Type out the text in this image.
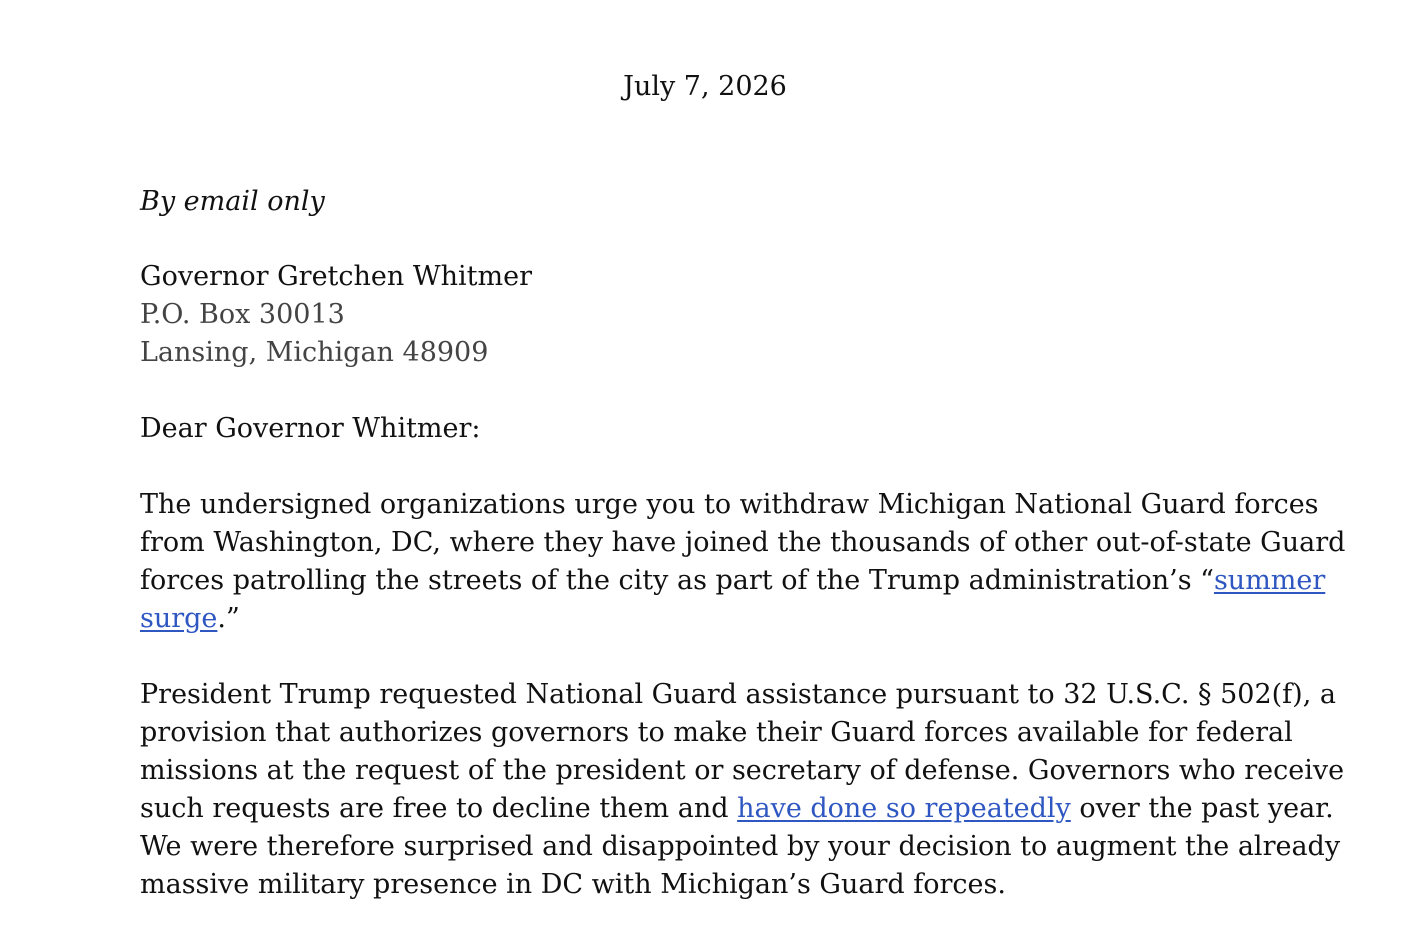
July 7, 2026
By email only
Governor Gretchen Whitmer
P.O. Box 30013
Lansing, Michigan 48909
Dear Governor Whitmer:
The undersigned organizations urge you to withdraw Michigan National Guard forces
from Washington, DC, where they have joined the thousands of other out-of-state Guard
forces patrolling the streets of the city as part of the Trump administration’s “summer
surge.”
President Trump requested National Guard assistance pursuant to 32 U.S.C. § 502(f), a
provision that authorizes governors to make their Guard forces available for federal
missions at the request of the president or secretary of defense. Governors who receive
such requests are free to decline them and have done so repeatedly over the past year.
We were therefore surprised and disappointed by your decision to augment the already
massive military presence in DC with Michigan’s Guard forces.
